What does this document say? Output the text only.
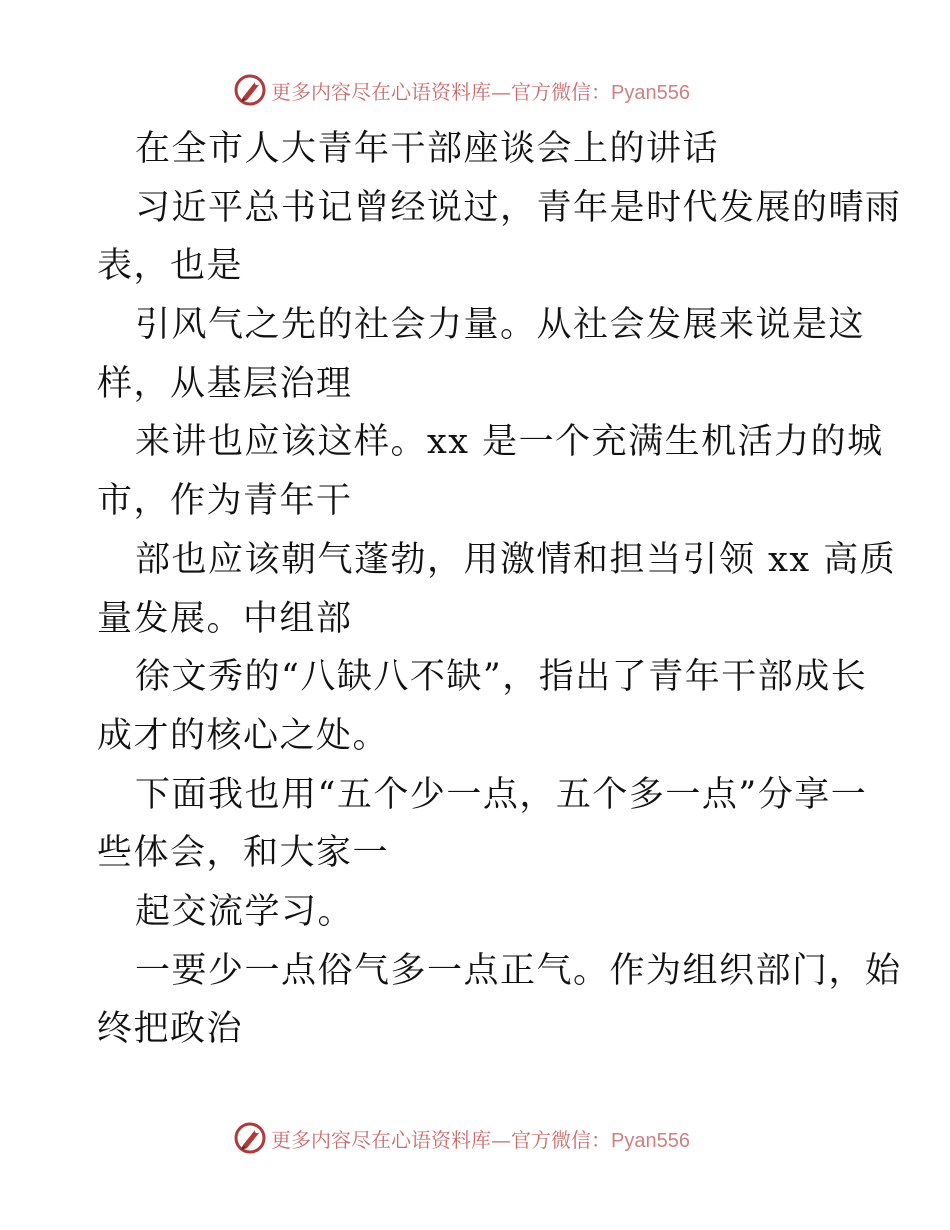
更多内容尽在心语资料库—官方微信：Pyan556
在全市人大青年干部座谈会上的讲话
习近平总书记曾经说过，青年是时代发展的晴雨
表，也是
引风气之先的社会力量。从社会发展来说是这
样，从基层治理
来讲也应该这样。xx 是一个充满生机活力的城
市，作为青年干
部也应该朝气蓬勃，用激情和担当引领 xx 高质
量发展。中组部
徐文秀的“八缺八不缺”，指出了青年干部成长
成才的核心之处。
下面我也用“五个少一点，五个多一点”分享一
些体会，和大家一
起交流学习。
一要少一点俗气多一点正气。作为组织部门，始
终把政治
更多内容尽在心语资料库—官方微信：Pyan556
